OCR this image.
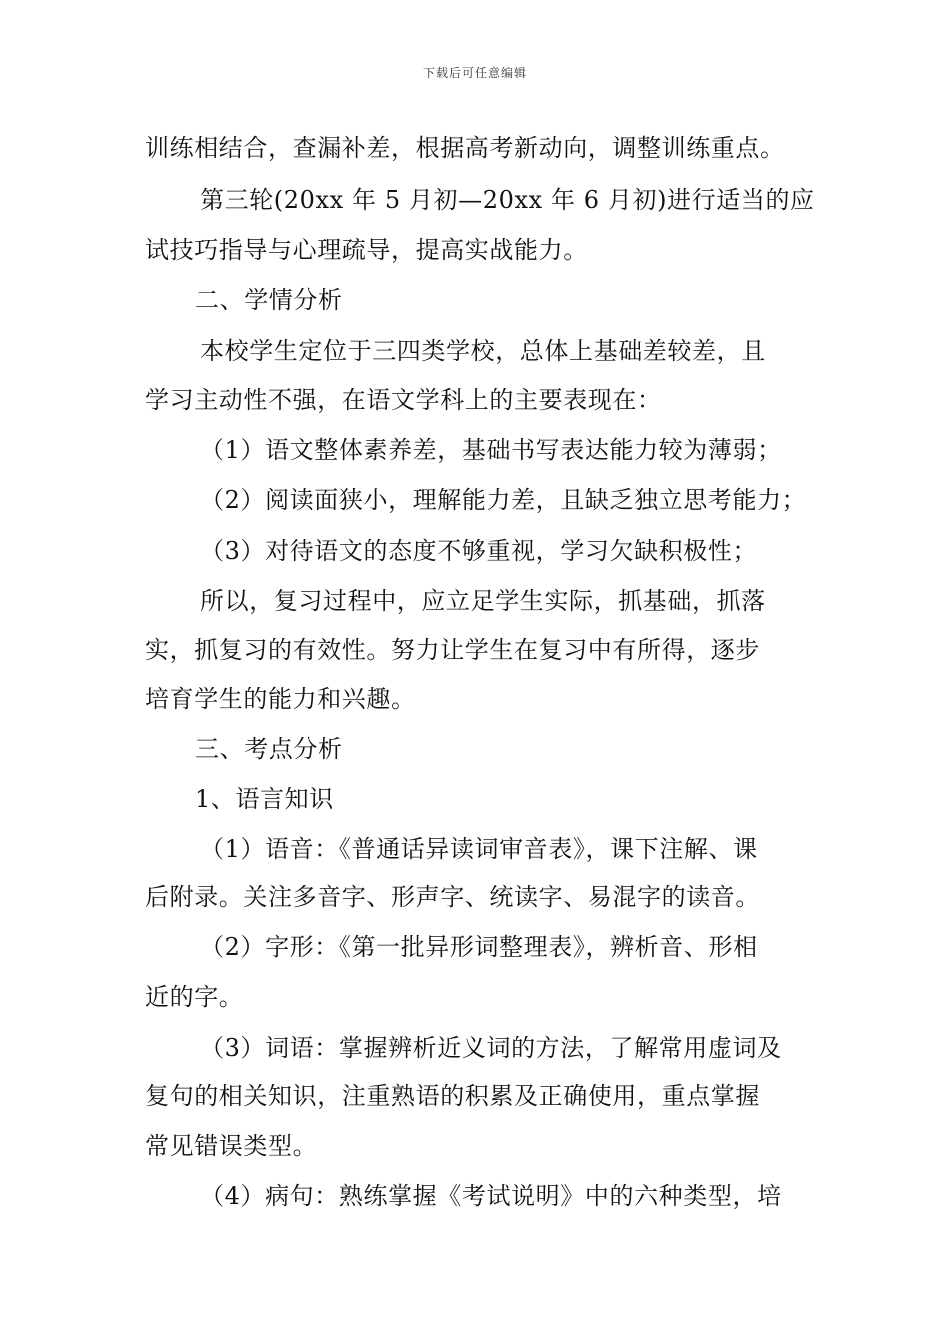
下载后可任意编辑
训练相结合，查漏补差，根据高考新动向，调整训练重点。
第三轮(20xx 年 5 月初—20xx 年 6 月初)进行适当的应
试技巧指导与心理疏导，提高实战能力。
二、学情分析
本校学生定位于三四类学校，总体上基础差较差，且
学习主动性不强，在语文学科上的主要表现在：
（1）语文整体素养差，基础书写表达能力较为薄弱；
（2）阅读面狭小，理解能力差，且缺乏独立思考能力；
（3）对待语文的态度不够重视，学习欠缺积极性；
所以，复习过程中，应立足学生实际，抓基础，抓落
实，抓复习的有效性。努力让学生在复习中有所得，逐步
培育学生的能力和兴趣。
三、考点分析
1、语言知识
（1）语音：《普通话异读词审音表》，课下注解、课
后附录。关注多音字、形声字、统读字、易混字的读音。
（2）字形：《第一批异形词整理表》，辨析音、形相
近的字。
（3）词语：掌握辨析近义词的方法，了解常用虚词及
复句的相关知识，注重熟语的积累及正确使用，重点掌握
常见错误类型。
（4）病句：熟练掌握《考试说明》中的六种类型，培
